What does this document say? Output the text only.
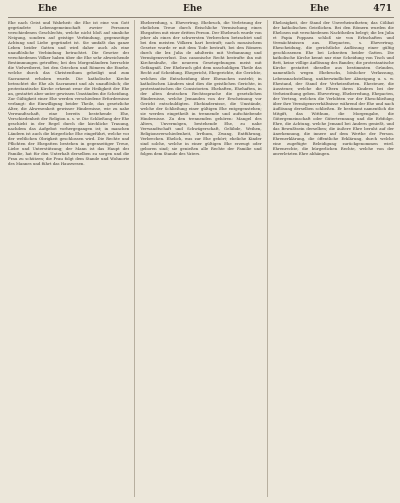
Ehe	Ehe	Ehe	471
Ehe nach Geist und Wahrheit: die Ehe ist eine von Gott gegründete Lebensgemeinschaft zweier Personen verschiedenen Geschlechts, welche nicht bloß auf sinnliche Neigung, sondern auf geistige Verbindung, gegenseitige Achtung und Liebe gegründet ist. Sie umfaßt das ganze Leben beider Gatten und wird daher auch als eine unauflösliche Verbindung betrachtet. Die Gesetze der verschiedenen Völker haben über die Ehe sehr abweichende Bestimmungen getroffen; bei den Morgenländern herrschte die Vielweiberei, bei den Griechen und Römern die Einehe, welche durch das Christenthum geheiligt und zum Sacrament erhoben wurde. Die katholische Kirche betrachtet die Ehe als Sacrament und als unauflöslich; die protestantische Kirche erkennt zwar die Heiligkeit der Ehe an, gestattet aber unter gewissen Umständen die Scheidung. Zur Gültigkeit einer Ehe werden verschiedene Erfordernisse verlangt: die Einwilligung beider Theile, das gesetzliche Alter, die Abwesenheit gewisser Hindernisse, wie zu nahe Verwandtschaft, eine bereits bestehende Ehe, Verschiedenheit der Religion u. s. w. Die Schließung der Ehe geschieht in der Regel durch die kirchliche Trauung, nachdem das Aufgebot vorhergegangen ist; in manchen Ländern ist auch die bürgerliche Ehe eingeführt, welche vor der weltlichen Obrigkeit geschlossen wird. Die Rechte und Pflichten der Ehegatten bestehen in gegenseitiger Treue, Liebe und Unterstützung; der Mann ist das Haupt der Familie, hat für den Unterhalt derselben zu sorgen und die Frau zu schützen; die Frau folgt dem Stande und Wohnorte des Mannes und führt das Hauswesen.
Eheberedung, s. Ehevertrag. Ehebruch, die Verletzung der ehelichen Treue durch fleischliche Vermischung eines Ehegatten mit einer dritten Person. Der Ehebruch wurde von jeher als eines der schwersten Verbrechen betrachtet und bei den meisten Völkern hart bestraft; nach mosaischem Gesetze wurde er mit dem Tode bestraft, bei den Römern durch die lex Julia de adulteriis mit Verbannung und Vermögensverlust. Das canonische Recht bestrafte ihn mit Kirchenbuße, die neueren Gesetzgebungen meist mit Gefängniß. Der Ehebruch gibt dem unschuldigen Theile das Recht auf Scheidung. Ehegericht, Ehegerichte, die Gerichte, welchen die Entscheidung über Ehesachen zusteht; in katholischen Ländern sind dies die geistlichen Gerichte, in protestantischen die Consistorien. Ehehaften, Ehehaften, in der alten deutschen Rechtssprache die gesetzlichen Hindernisse, welche Jemanden von der Erscheinung vor Gericht entschuldigten. Ehehindernisse, die Umstände, welche der Schließung einer gültigen Ehe entgegenstehen; sie werden eingetheilt in trennende und aufschiebende Hindernisse. Zu den trennenden gehören: Mangel des Alters, Unvermögen, bestehende Ehe, zu nahe Verwandtschaft und Schwägerschaft, Gelübde, Weihen, Religionsverschiedenheit, Irrthum, Zwang, Entführung, Verbrechen. Ehelich, was zur Ehe gehört; eheliche Kinder sind solche, welche in einer gültigen Ehe erzeugt oder geboren sind; sie genießen alle Rechte der Familie und folgen dem Stande des Vaters.
Ehelosigkeit, der Stand der Unverheiratheten; das Cölibat der katholischen Geistlichen. Bei den Römern wurden die Ehelosen mit verschiedenen Nachtheilen belegt; die lex Julia et Papia Poppaea schloß sie von Erbschaften und Vermächtnissen aus. Ehepacten, s. Ehevertrag. Ehescheidung, die gerichtliche Auflösung einer gültig geschlossenen Ehe bei Lebzeiten beider Gatten. Die katholische Kirche kennt nur eine Scheidung von Tisch und Bett, keine völlige Auflösung des Bandes; die protestantische Kirche gestattet dieselbe aus bestimmten Gründen, namentlich wegen Ehebruchs, böslicher Verlassung, Lebensnachstellung, unüberwindlicher Abneigung u. s. w. Ehestand, der Stand der Verheiratheten. Ehesteuer, die Aussteuer, welche die Eltern ihren Kindern bei der Verheirathung geben. Ehevertrag, Eheberedung, Ehepacten, der Vertrag, welchen die Verlobten vor der Eheschließung über ihre Vermögensverhältnisse während der Ehe und nach Auflösung derselben schließen. Er bestimmt namentlich die Mitgift, das Witthum, die Morgengabe, die Gütergemeinschaft oder Gütertrennung und die Erbfolge. Ehre, die Achtung, welche Jemand bei Andern genießt, und das Bewußtsein derselben; die äußere Ehre beruht auf der Anerkennung, die innere auf dem Werthe der Person. Ehrenerklärung, die öffentliche Erklärung, durch welche eine zugefügte Beleidigung zurückgenommen wird. Ehrenrechte, die bürgerlichen Rechte, welche von der unverletzten Ehre abhängen.
